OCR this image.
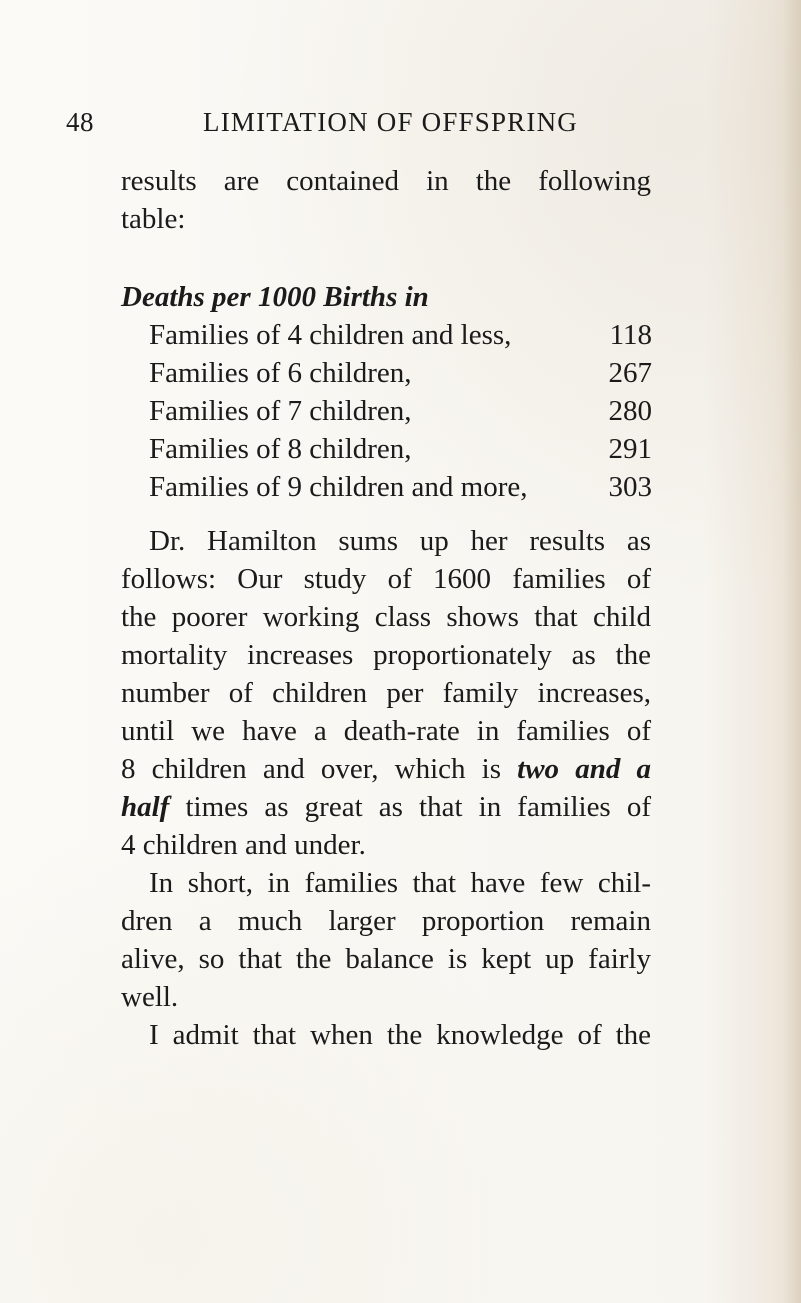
48	LIMITATION OF OFFSPRING
results are contained in the following
table:
Deaths per 1000 Births in
Families of 4 children and less,	118
Families of 6 children,	267
Families of 7 children,	280
Families of 8 children,	291
Families of 9 children and more,	303
Dr. Hamilton sums up her results as
follows: Our study of 1600 families of
the poorer working class shows that child
mortality increases proportionately as the
number of children per family increases,
until we have a death-rate in families of
8 children and over, which is two and a
half times as great as that in families of
4 children and under.
In short, in families that have few chil-
dren a much larger proportion remain
alive, so that the balance is kept up fairly
well.
I admit that when the knowledge of the
